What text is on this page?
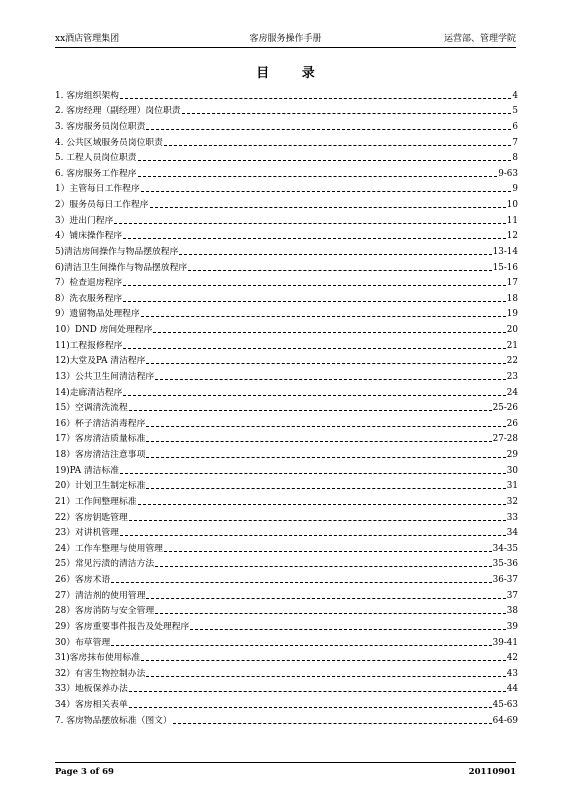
xx酒店管理集团	客房服务操作手册	运营部、管理学院
目 录
1. 客房组织架构	4
2. 客房经理（副经理）岗位职责	5
3. 客房服务员岗位职责	6
4. 公共区域服务员岗位职责	7
5. 工程人员岗位职责	8
6. 客房服务工作程序	9-63
1）主管每日工作程序	9
2）服务员每日工作程序	10
3）进出门程序	11
4）铺床操作程序	12
5)清洁房间操作与物品摆放程序	13-14
6)清洁卫生间操作与物品摆放程序	15-16
7）检查退房程序	17
8）洗衣服务程序	18
9）遗留物品处理程序	19
10）DND 房间处理程序	20
11)工程报修程序	21
12)大堂及PA 清洁程序	22
13）公共卫生间清洁程序	23
14)走廊清洁程序	24
15）空调清洗流程	25-26
16）杯子清洁消毒程序	26
17）客房清洁质量标准	27-28
18）客房清洁注意事项	29
19)PA 清洁标准	30
20）计划卫生制定标准	31
21）工作间整理标准	32
22）客房钥匙管理	33
23）对讲机管理	34
24）工作车整理与使用管理	34-35
25）常见污渍的清洁方法	35-36
26）客房术语	36-37
27）清洁剂的使用管理	37
28）客房消防与安全管理	38
29）客房重要事件报告及处理程序	39
30）布草管理	39-41
31)客房抹布使用标准	42
32）有害生物控制办法	43
33）地板保养办法	44
34）客房相关表单	45-63
7. 客房物品摆放标准（图文）	64-69
Page 3 of 69	20110901
